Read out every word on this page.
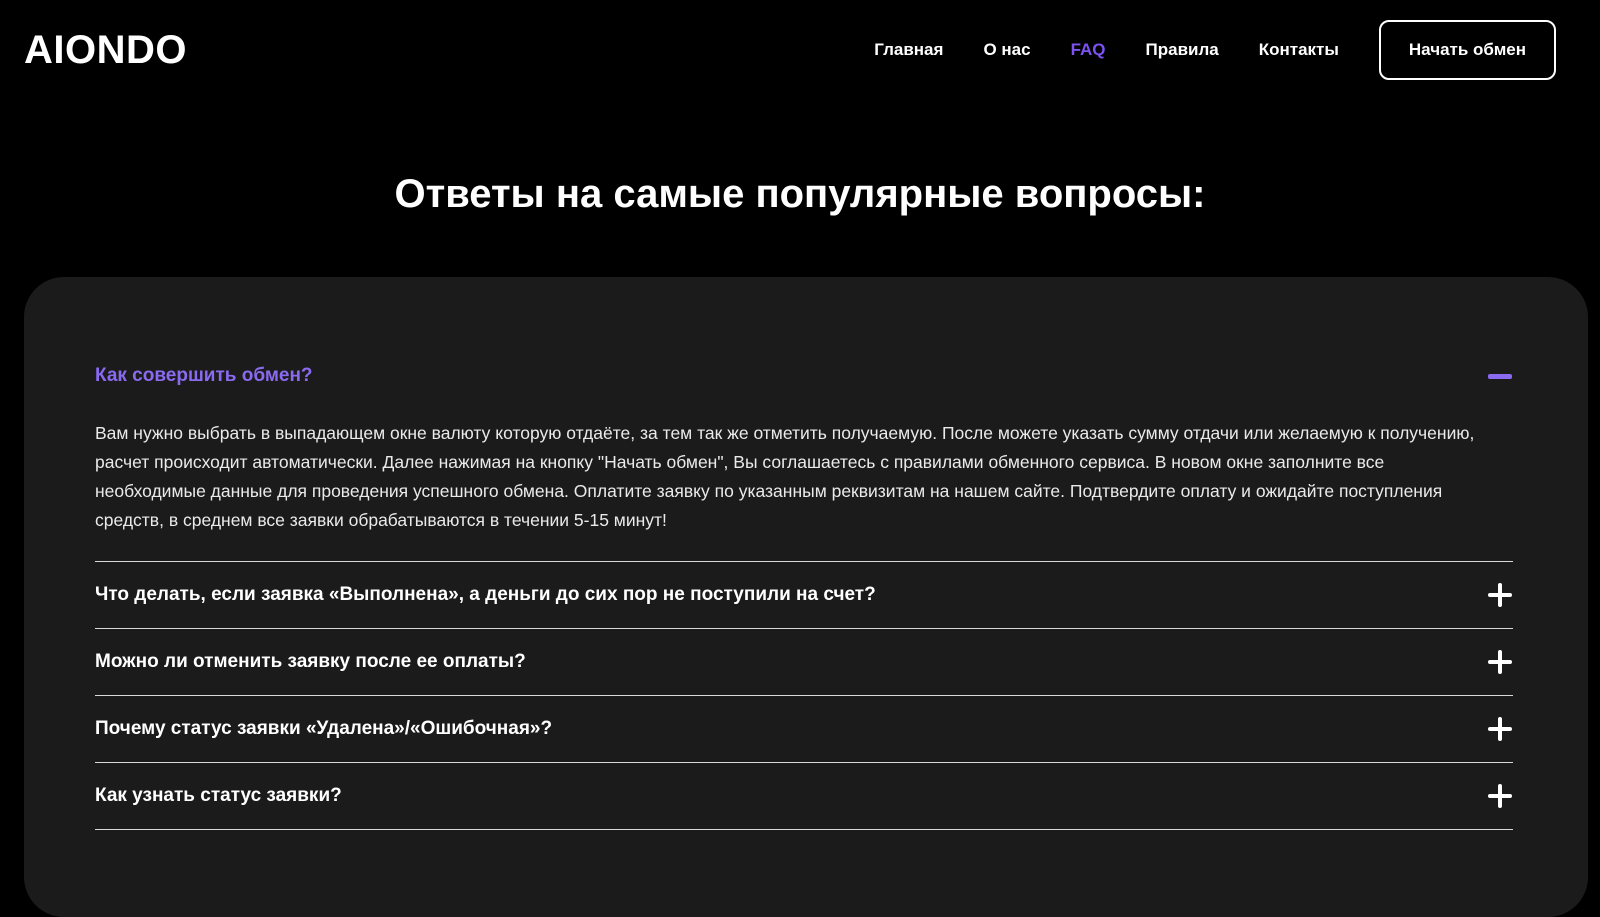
AIONDO	Главная О нас FAQ Правила Контакты	Начать обмен
Ответы на самые популярные вопросы:
Как совершить обмен?

Вам нужно выбрать в выпадающем окне валюту которую отдаёте, за тем так же отметить получаемую. После можете указать сумму отдачи или желаемую к получению, расчет происходит автоматически. Далее нажимая на кнопку "Начать обмен", Вы соглашаетесь с правилами обменного сервиса. В новом окне заполните все необходимые данные для проведения успешного обмена. Оплатите заявку по указанным реквизитам на нашем сайте. Подтвердите оплату и ожидайте поступления средств, в среднем все заявки обрабатываются в течении 5-15 минут!

Что делать, если заявка «Выполнена», а деньги до сих пор не поступили на счет?
Можно ли отменить заявку после ее оплаты?
Почему статус заявки «Удалена»/«Ошибочная»?
Как узнать статус заявки?
